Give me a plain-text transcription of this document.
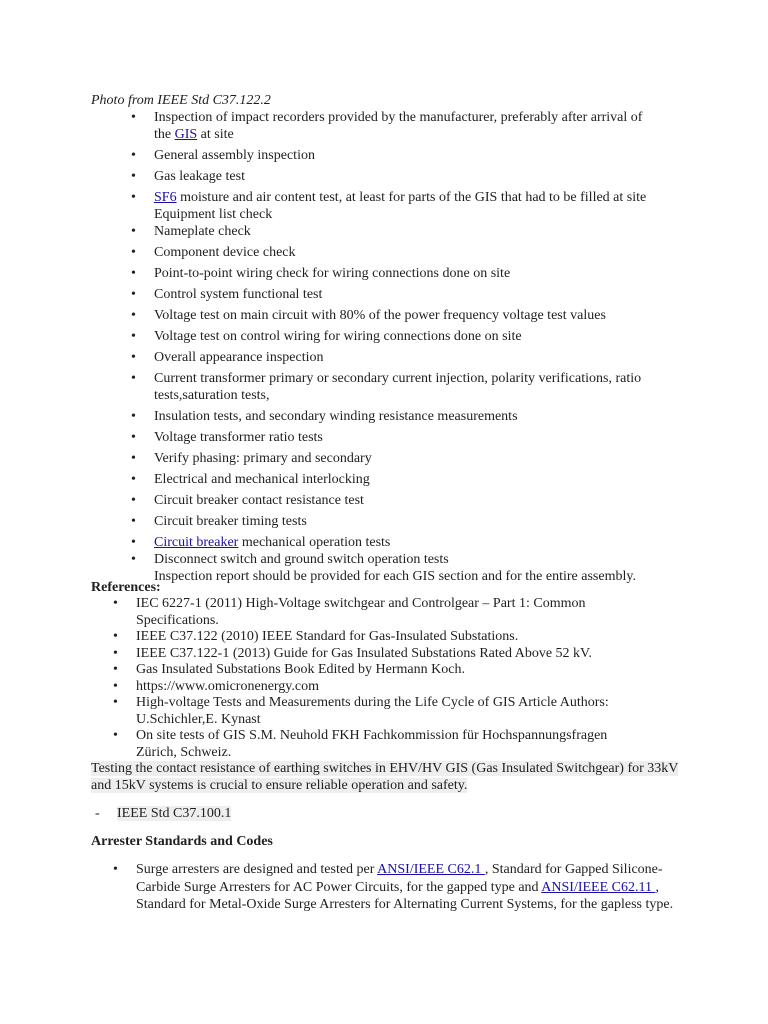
Photo from IEEE Std C37.122.2

• Inspection of impact recorders provided by the manufacturer, preferably after arrival of the GIS at site
• General assembly inspection
• Gas leakage test
• SF6 moisture and air content test, at least for parts of the GIS that had to be filled at site
Equipment list check
• Nameplate check
• Component device check
• Point-to-point wiring check for wiring connections done on site
• Control system functional test
• Voltage test on main circuit with 80% of the power frequency voltage test values
• Voltage test on control wiring for wiring connections done on site
• Overall appearance inspection
• Current transformer primary or secondary current injection, polarity verifications, ratio tests,saturation tests,
• Insulation tests, and secondary winding resistance measurements
• Voltage transformer ratio tests
• Verify phasing: primary and secondary
• Electrical and mechanical interlocking
• Circuit breaker contact resistance test
• Circuit breaker timing tests
• Circuit breaker mechanical operation tests
• Disconnect switch and ground switch operation tests
Inspection report should be provided for each GIS section and for the entire assembly.

References:

• IEC 6227-1 (2011) High-Voltage switchgear and Controlgear – Part 1: Common Specifications.
• IEEE C37.122 (2010) IEEE Standard for Gas-Insulated Substations.
• IEEE C37.122-1 (2013) Guide for Gas Insulated Substations Rated Above 52 kV.
• Gas Insulated Substations Book Edited by Hermann Koch.
• https://www.omicronenergy.com
• High-voltage Tests and Measurements during the Life Cycle of GIS Article Authors: U.Schichler,E. Kynast
• On site tests of GIS S.M. Neuhold FKH Fachkommission für Hochspannungsfragen Zürich, Schweiz.

Testing the contact resistance of earthing switches in EHV/HV GIS (Gas Insulated Switchgear) for 33kV and 15kV systems is crucial to ensure reliable operation and safety.

- IEEE Std C37.100.1

Arrester Standards and Codes

• Surge arresters are designed and tested per ANSI/IEEE C62.1 , Standard for Gapped Silicone-Carbide Surge Arresters for AC Power Circuits, for the gapped type and ANSI/IEEE C62.11 , Standard for Metal-Oxide Surge Arresters for Alternating Current Systems, for the gapless type.
